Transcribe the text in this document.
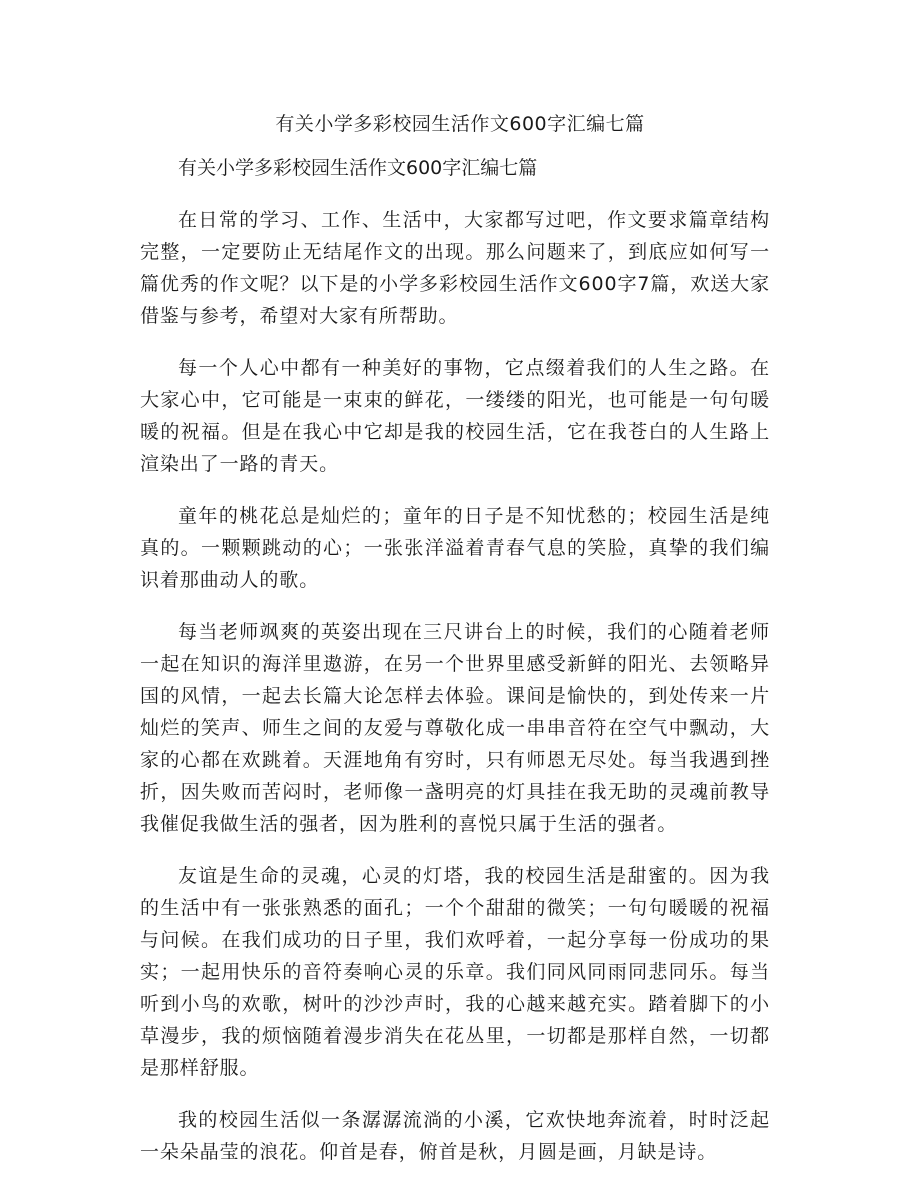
有关小学多彩校园生活作文600字汇编七篇

有关小学多彩校园生活作文600字汇编七篇

在日常的学习、工作、生活中，大家都写过吧，作文要求篇章结构完整，一定要防止无结尾作文的出现。那么问题来了，到底应如何写一篇优秀的作文呢？以下是的小学多彩校园生活作文600字7篇，欢送大家借鉴与参考，希望对大家有所帮助。

每一个人心中都有一种美好的事物，它点缀着我们的人生之路。在大家心中，它可能是一束束的鲜花，一缕缕的阳光，也可能是一句句暖暖的祝福。但是在我心中它却是我的校园生活，它在我苍白的人生路上渲染出了一路的青天。

童年的桃花总是灿烂的；童年的日子是不知忧愁的；校园生活是纯真的。一颗颗跳动的心；一张张洋溢着青春气息的笑脸，真挚的我们编识着那曲动人的歌。

每当老师飒爽的英姿出现在三尺讲台上的时候，我们的心随着老师一起在知识的海洋里遨游，在另一个世界里感受新鲜的阳光、去领略异国的风情，一起去长篇大论怎样去体验。课间是愉快的，到处传来一片灿烂的笑声、师生之间的友爱与尊敬化成一串串音符在空气中飘动，大家的心都在欢跳着。天涯地角有穷时，只有师恩无尽处。每当我遇到挫折，因失败而苦闷时，老师像一盏明亮的灯具挂在我无助的灵魂前教导我催促我做生活的强者，因为胜利的喜悦只属于生活的强者。

友谊是生命的灵魂，心灵的灯塔，我的校园生活是甜蜜的。因为我的生活中有一张张熟悉的面孔；一个个甜甜的微笑；一句句暖暖的祝福与问候。在我们成功的日子里，我们欢呼着，一起分享每一份成功的果实；一起用快乐的音符奏响心灵的乐章。我们同风同雨同悲同乐。每当听到小鸟的欢歌，树叶的沙沙声时，我的心越来越充实。踏着脚下的小草漫步，我的烦恼随着漫步消失在花丛里，一切都是那样自然，一切都是那样舒服。

我的校园生活似一条潺潺流淌的小溪，它欢快地奔流着，时时泛起一朵朵晶莹的浪花。仰首是春，俯首是秋，月圆是画，月缺是诗。
